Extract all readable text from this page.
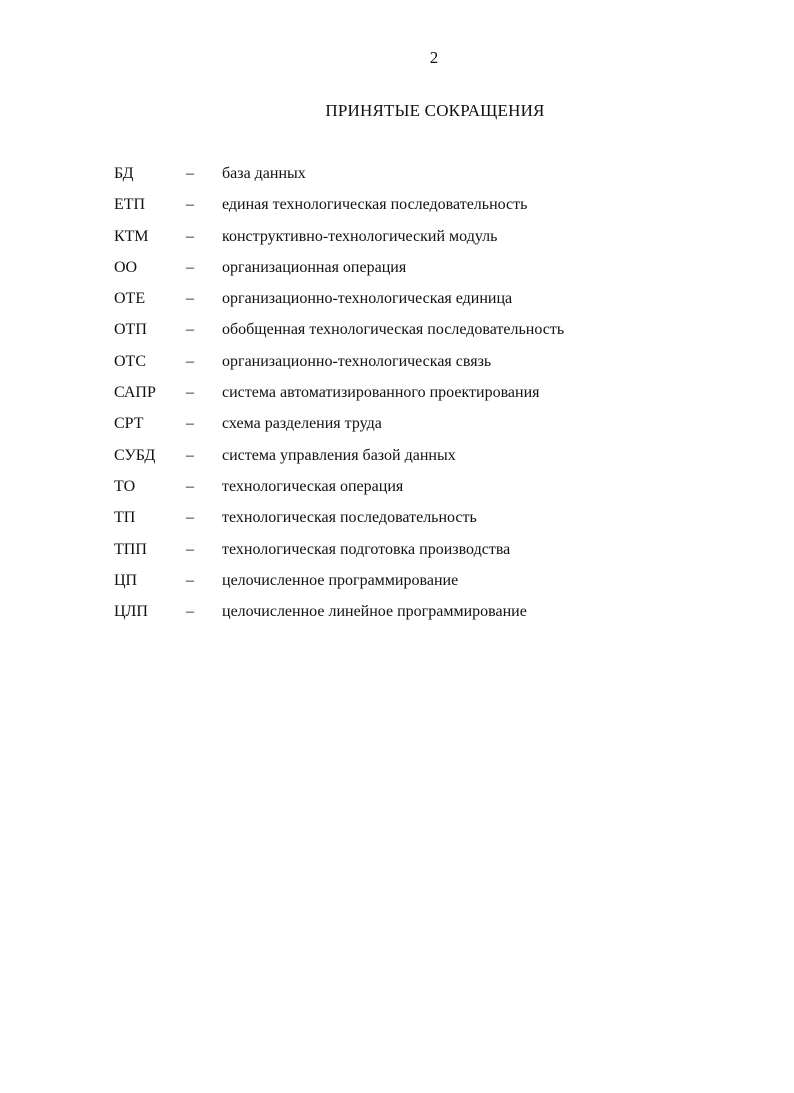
2
ПРИНЯТЫЕ СОКРАЩЕНИЯ
БД	–	база данных
ЕТП	–	единая технологическая последовательность
КТМ	–	конструктивно-технологический модуль
ОО	–	организационная операция
ОТЕ	–	организационно-технологическая единица
ОТП	–	обобщенная технологическая последовательность
ОТС	–	организационно-технологическая связь
САПР	–	система автоматизированного проектирования
СРТ	–	схема разделения труда
СУБД	–	система управления базой данных
ТО	–	технологическая операция
ТП	–	технологическая последовательность
ТПП	–	технологическая подготовка производства
ЦП	–	целочисленное программирование
ЦЛП	–	целочисленное линейное программирование
